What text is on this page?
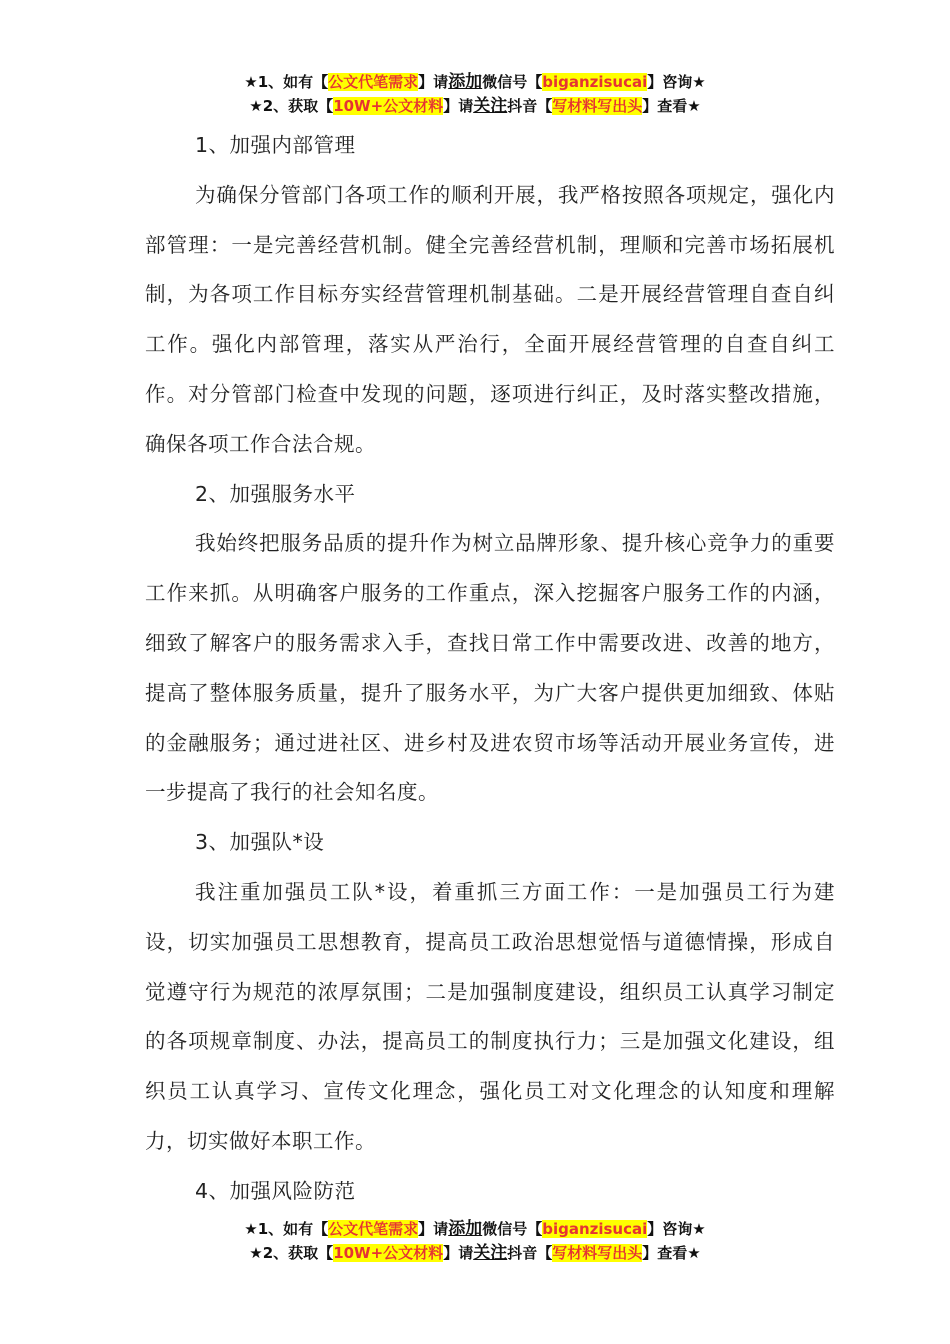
★1、如有【公文代笔需求】请添加微信号【biganzisucai】咨询★
★2、获取【10W+公文材料】请关注抖音【写材料写出头】查看★

1、加强内部管理

为确保分管部门各项工作的顺利开展，我严格按照各项规定，强化内部管理：一是完善经营机制。健全完善经营机制，理顺和完善市场拓展机制，为各项工作目标夯实经营管理机制基础。二是开展经营管理自查自纠工作。强化内部管理，落实从严治行，全面开展经营管理的自查自纠工作。对分管部门检查中发现的问题，逐项进行纠正，及时落实整改措施，确保各项工作合法合规。

2、加强服务水平

我始终把服务品质的提升作为树立品牌形象、提升核心竞争力的重要工作来抓。从明确客户服务的工作重点，深入挖掘客户服务工作的内涵，细致了解客户的服务需求入手，查找日常工作中需要改进、改善的地方，提高了整体服务质量，提升了服务水平，为广大客户提供更加细致、体贴的金融服务；通过进社区、进乡村及进农贸市场等活动开展业务宣传，进一步提高了我行的社会知名度。

3、加强队*设

我注重加强员工队*设，着重抓三方面工作：一是加强员工行为建设，切实加强员工思想教育，提高员工政治思想觉悟与道德情操，形成自觉遵守行为规范的浓厚氛围；二是加强制度建设，组织员工认真学习制定的各项规章制度、办法，提高员工的制度执行力；三是加强文化建设，组织员工认真学习、宣传文化理念，强化员工对文化理念的认知度和理解力，切实做好本职工作。

4、加强风险防范

★1、如有【公文代笔需求】请添加微信号【biganzisucai】咨询★
★2、获取【10W+公文材料】请关注抖音【写材料写出头】查看★
